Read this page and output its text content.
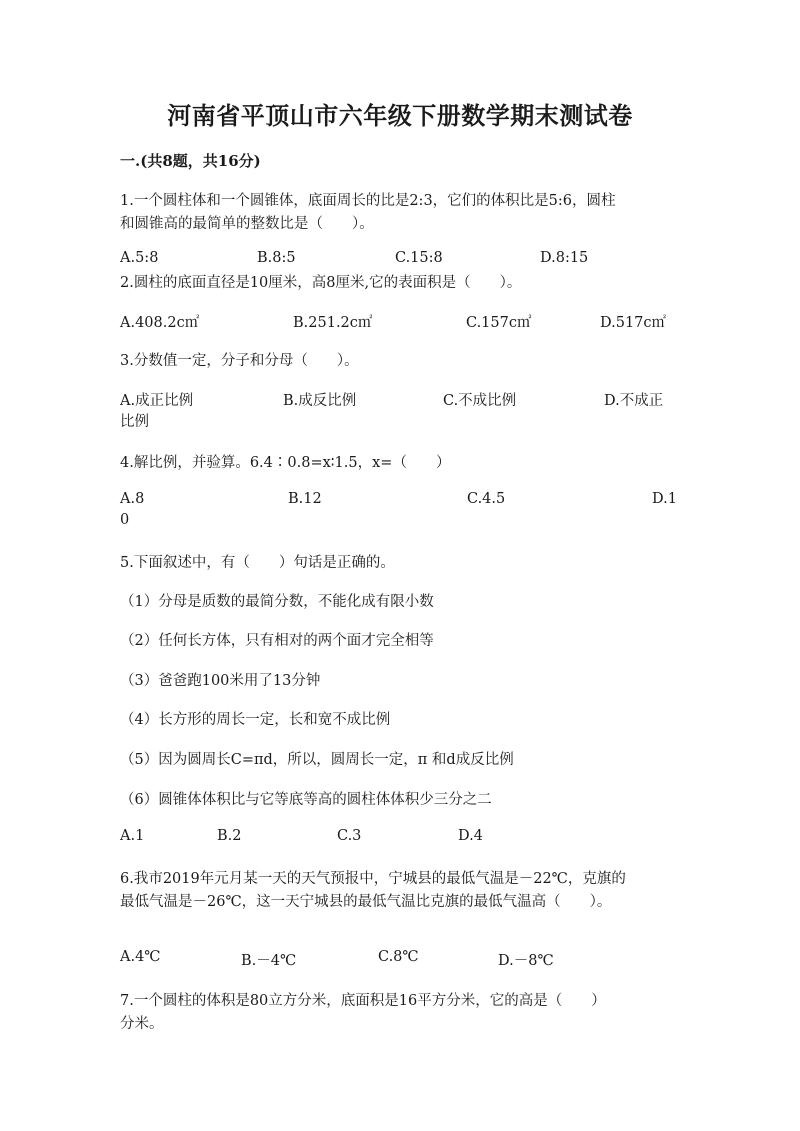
河南省平顶山市六年级下册数学期末测试卷
一.(共8题，共16分)
1.一个圆柱体和一个圆锥体，底面周长的比是2:3，它们的体积比是5:6，圆柱
和圆锥高的最简单的整数比是（　　）。
A.5:8	B.8:5	C.15:8	D.8:15
2.圆柱的底面直径是10厘米，高8厘米,它的表面积是（　　）。
A.408.2c㎡	B.251.2c㎡	C.157c㎡	D.517c㎡
3.分数值一定，分子和分母（　　）。
A.成正比例	B.成反比例	C.不成比例	D.不成正
比例
4.解比例，并验算。6.4∶0.8=x∶1.5，x=（　　）
A.8	B.12	C.4.5	D.1
0
5.下面叙述中，有（　　）句话是正确的。
（1）分母是质数的最简分数，不能化成有限小数
（2）任何长方体，只有相对的两个面才完全相等
（3）爸爸跑100米用了13分钟
（4）长方形的周长一定，长和宽不成比例
（5）因为圆周长C=πd，所以，圆周长一定，π 和d成反比例
（6）圆锥体体积比与它等底等高的圆柱体体积少三分之二
A.1	B.2	C.3	D.4
6.我市2019年元月某一天的天气预报中，宁城县的最低气温是－22℃，克旗的
最低气温是－26℃，这一天宁城县的最低气温比克旗的最低气温高（　　）。
A.4℃	B.－4℃	C.8℃	D.－8℃
7.一个圆柱的体积是80立方分米，底面积是16平方分米，它的高是（　　）
分米。
